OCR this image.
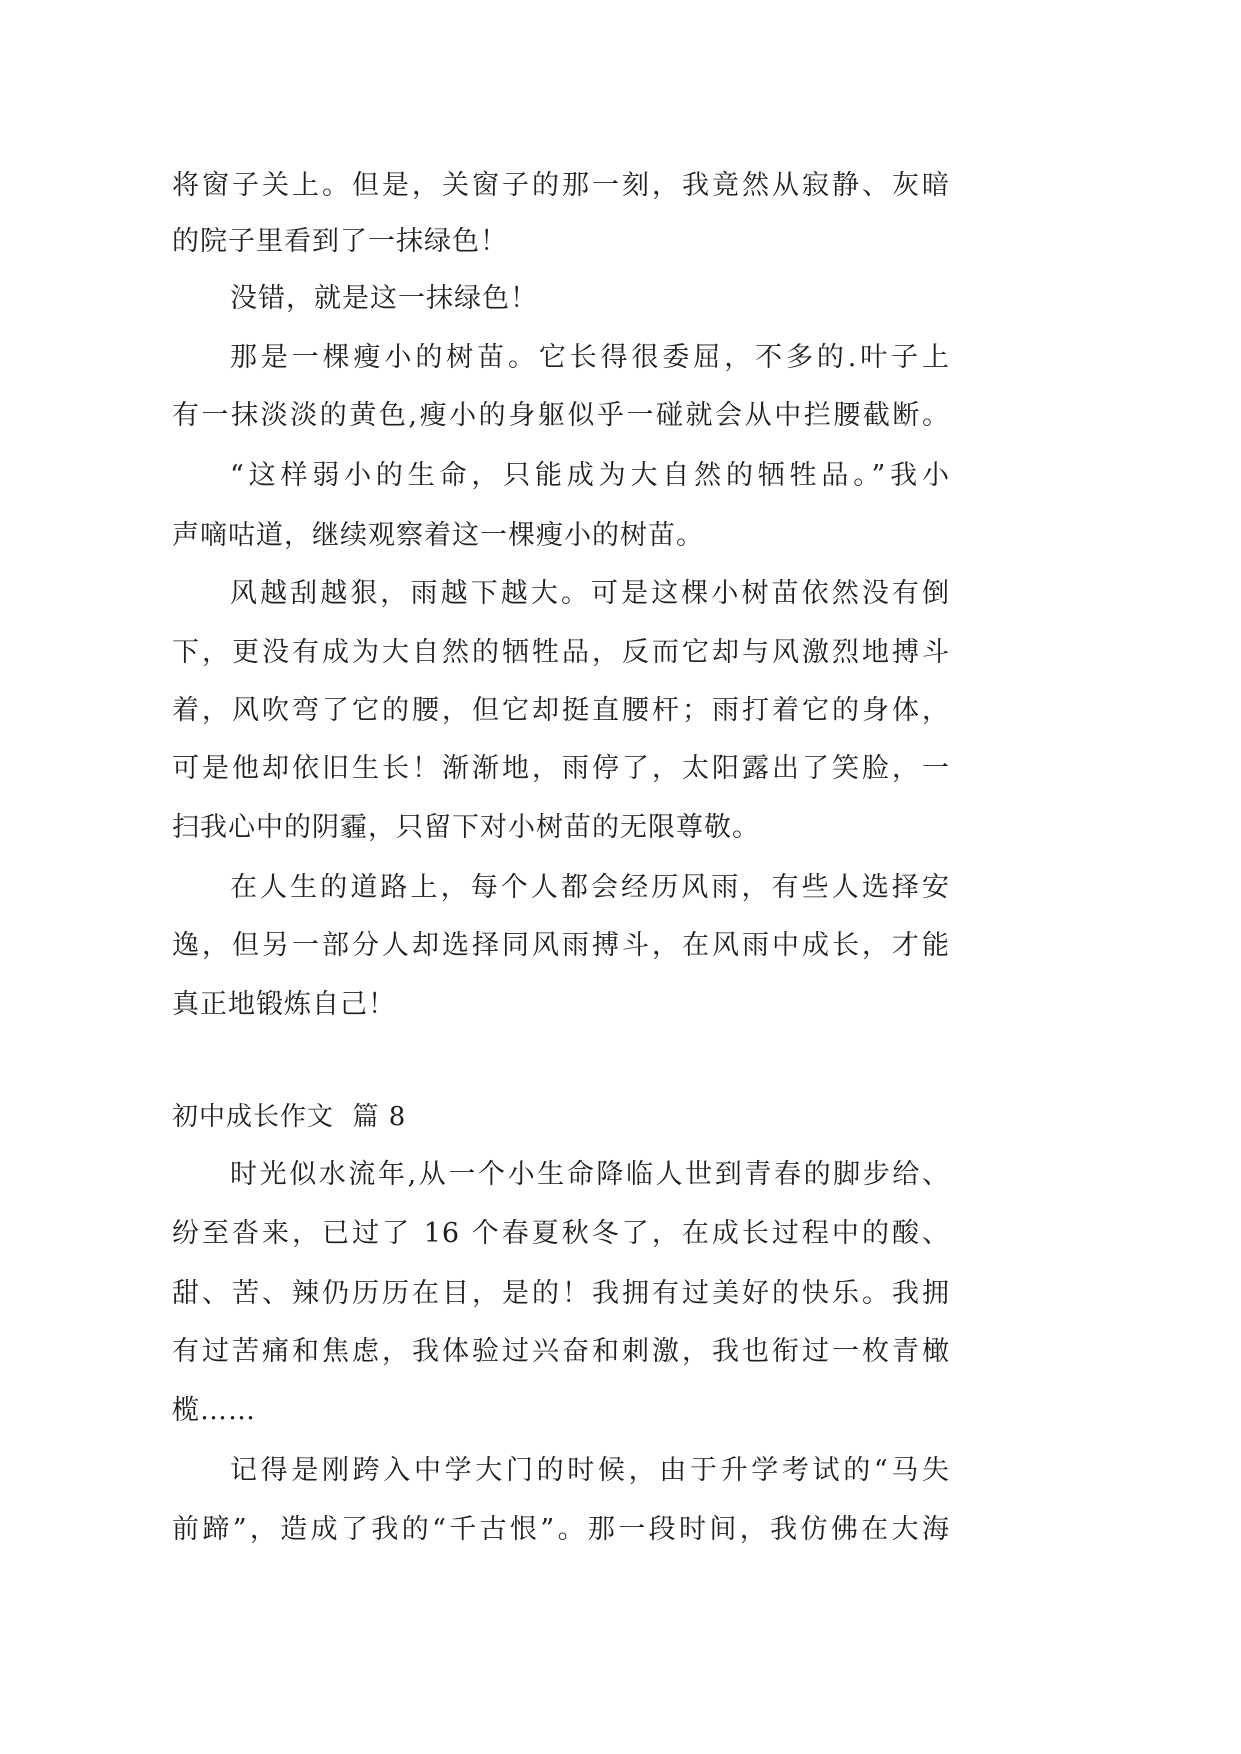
将窗子关上。但是，关窗子的那一刻，我竟然从寂静、灰暗
的院子里看到了一抹绿色！
没错，就是这一抹绿色！
那是一棵瘦小的树苗。它长得很委屈，不多的.叶子上
有一抹淡淡的黄色,瘦小的身躯似乎一碰就会从中拦腰截断。
“这样弱小的生命，只能成为大自然的牺牲品。”我小
声嘀咕道，继续观察着这一棵瘦小的树苗。
风越刮越狠，雨越下越大。可是这棵小树苗依然没有倒
下，更没有成为大自然的牺牲品，反而它却与风激烈地搏斗
着，风吹弯了它的腰，但它却挺直腰杆；雨打着它的身体，
可是他却依旧生长！渐渐地，雨停了，太阳露出了笑脸，一
扫我心中的阴霾，只留下对小树苗的无限尊敬。
在人生的道路上，每个人都会经历风雨，有些人选择安
逸，但另一部分人却选择同风雨搏斗，在风雨中成长，才能
真正地锻炼自己！
初中成长作文  篇 8
时光似水流年,从一个小生命降临人世到青春的脚步给、
纷至沓来，已过了 16 个春夏秋冬了，在成长过程中的酸、
甜、苦、辣仍历历在目，是的！我拥有过美好的快乐。我拥
有过苦痛和焦虑，我体验过兴奋和刺激，我也衔过一枚青橄
榄……
记得是刚跨入中学大门的时候，由于升学考试的“马失
前蹄”，造成了我的“千古恨”。那一段时间，我仿佛在大海
